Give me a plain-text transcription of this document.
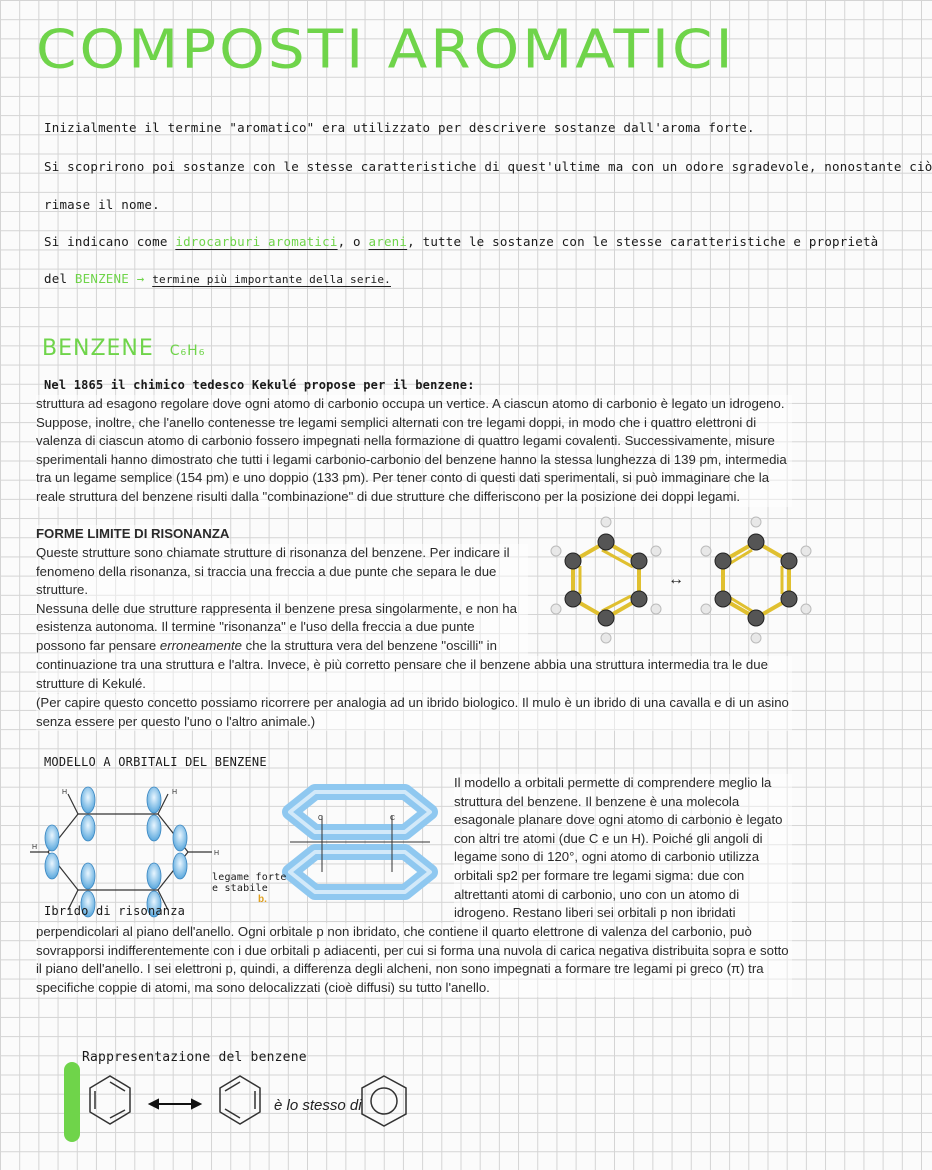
COMPOSTI AROMATICI
Inizialmente il termine "aromatico" era utilizzato per descrivere sostanze dall'aroma forte.
Si scoprirono poi sostanze con le stesse caratteristiche di quest'ultime ma con un odore sgradevole, nonostante ciò
rimase il nome.
Si indicano come idrocarburi aromatici, o areni, tutte le sostanze con le stesse caratteristiche e proprietà
del BENZENE → termine più importante della serie.
BENZENE C₆H₆
Nel 1865 il chimico tedesco Kekulé propose per il benzene:
struttura ad esagono regolare dove ogni atomo di carbonio occupa un vertice. A ciascun atomo di carbonio è legato un idrogeno. Suppose, inoltre, che l'anello contenesse tre legami semplici alternati con tre legami doppi, in modo che i quattro elettroni di valenza di ciascun atomo di carbonio fossero impegnati nella formazione di quattro legami covalenti. Successivamente, misure sperimentali hanno dimostrato che tutti i legami carbonio-carbonio del benzene hanno la stessa lunghezza di 139 pm, intermedia tra un legame semplice (154 pm) e uno doppio (133 pm). Per tener conto di questi dati sperimentali, si può immaginare che la reale struttura del benzene risulti dalla "combinazione" di due strutture che differiscono per la posizione dei doppi legami.
FORME LIMITE DI RISONANZA
Queste strutture sono chiamate strutture di risonanza del benzene. Per indicare il fenomeno della risonanza, si traccia una freccia a due punte che separa le due strutture.
Nessuna delle due strutture rappresenta il benzene presa singolarmente, e non ha esistenza autonoma. Il termine "risonanza" e l'uso della freccia a due punte possono far pensare erroneamente che la struttura vera del benzene "oscilli" in
↔
continuazione tra una struttura e l'altra. Invece, è più corretto pensare che il benzene abbia una struttura intermedia tra le due strutture di Kekulé.
(Per capire questo concetto possiamo ricorrere per analogia ad un ibrido biologico. Il mulo è un ibrido di una cavalla e di un asino senza essere per questo l'uno o l'altro animale.)
MODELLO A ORBITALI DEL BENZENE
H	H
H
H
Ibrido di risonanza
C	C
legame forte
e stabile
b.
Il modello a orbitali permette di comprendere meglio la struttura del benzene. Il benzene è una molecola esagonale planare dove ogni atomo di carbonio è legato con altri tre atomi (due C e un H). Poiché gli angoli di legame sono di 120°, ogni atomo di carbonio utilizza orbitali sp2 per formare tre legami sigma: due con altrettanti atomi di carbonio, uno con un atomo di idrogeno. Restano liberi sei orbitali p non ibridati
perpendicolari al piano dell'anello. Ogni orbitale p non ibridato, che contiene il quarto elettrone di valenza del carbonio, può sovrapporsi indifferentemente con i due orbitali p adiacenti, per cui si forma una nuvola di carica negativa distribuita sopra e sotto il piano dell'anello. I sei elettroni p, quindi, a differenza degli alcheni, non sono impegnati a formare tre legami pi greco (π) tra specifiche coppie di atomi, ma sono delocalizzati (cioè diffusi) su tutto l'anello.
Rappresentazione del benzene
è lo stesso di
